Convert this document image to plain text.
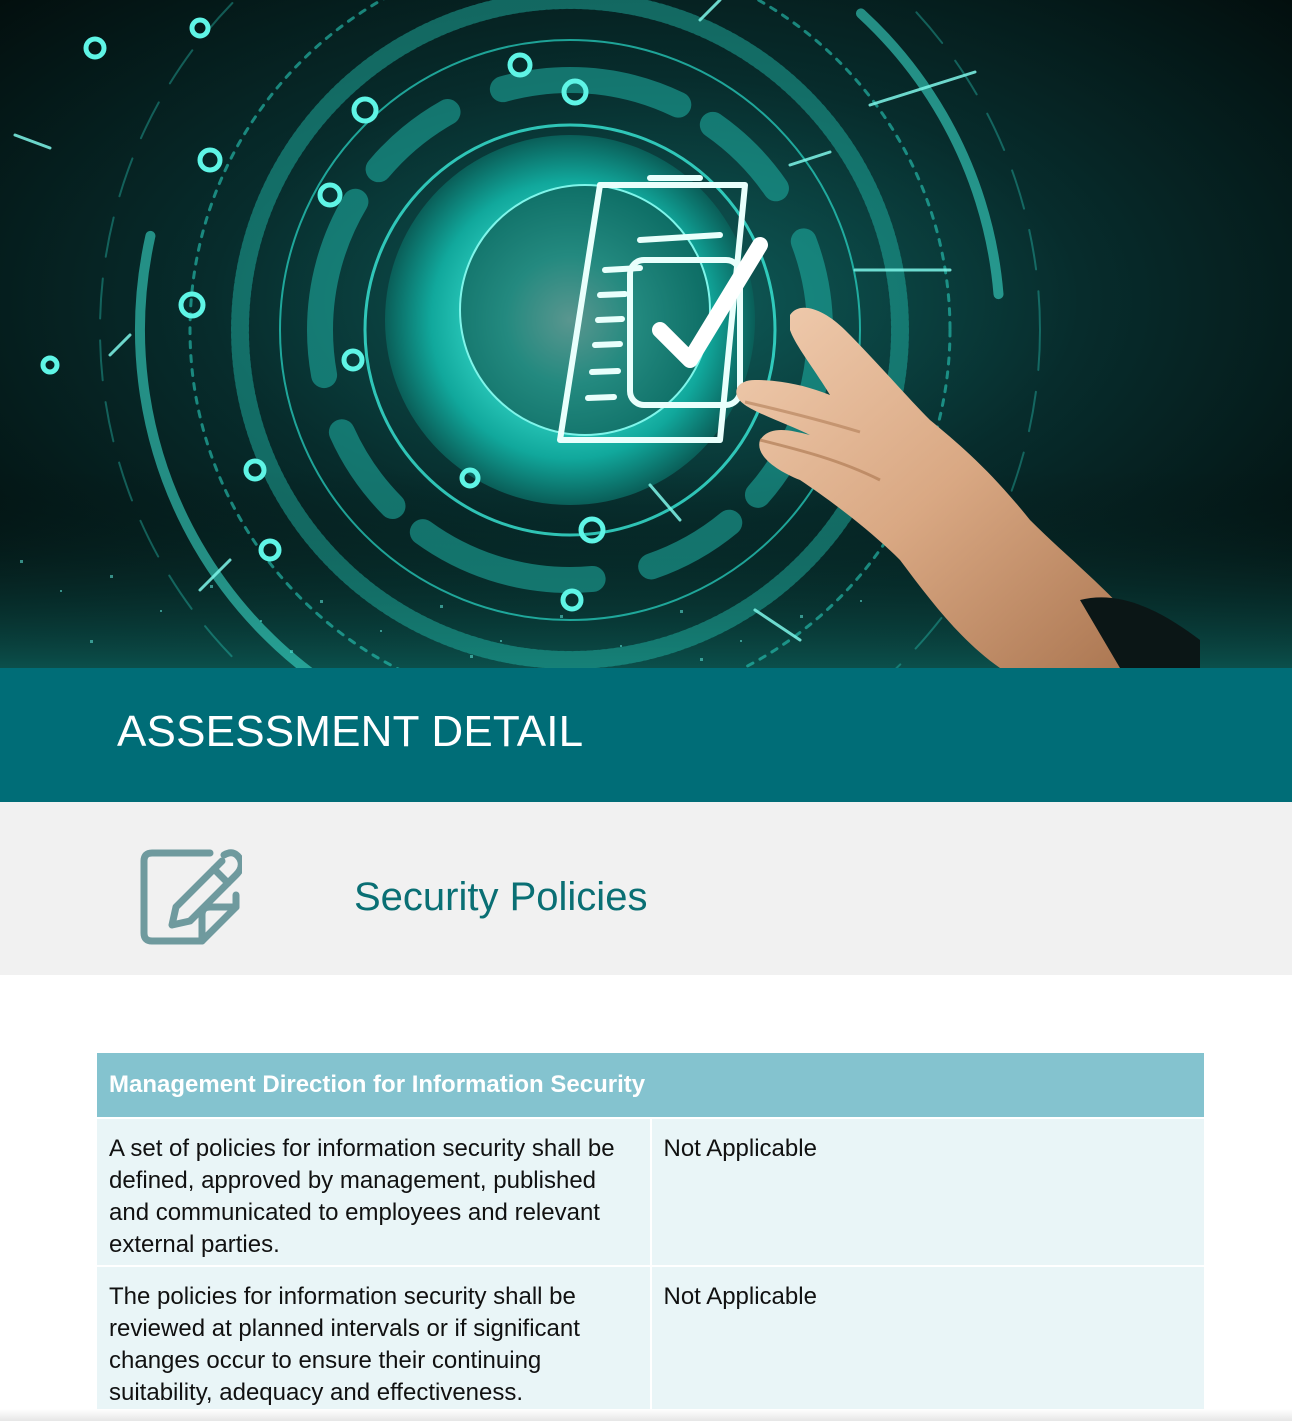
ASSESSMENT DETAIL
Security Policies
Management Direction for Information Security	
A set of policies for information security shall be defined, approved by management, published and communicated to employees and relevant external parties.	Not Applicable
The policies for information security shall be reviewed at planned intervals or if significant changes occur to ensure their continuing suitability, adequacy and effectiveness.	Not Applicable
